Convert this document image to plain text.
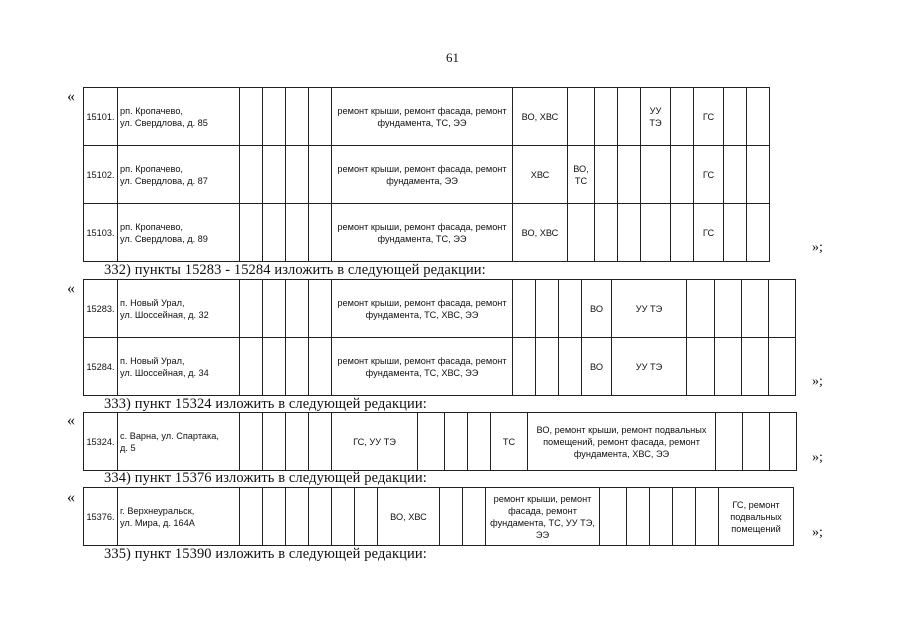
61
«
15101.	рп. Кропачево,
ул. Свердлова, д. 85					ремонт крыши, ремонт фасада, ремонт фундамента, ТС, ЭЭ	ВО, ХВС				УУ ТЭ		ГС		
15102.	рп. Кропачево,
ул. Свердлова, д. 87					ремонт крыши, ремонт фасада, ремонт фундамента, ЭЭ	ХВС	ВО, ТС					ГС		
15103.	рп. Кропачево,
ул. Свердлова, д. 89					ремонт крыши, ремонт фасада, ремонт фундамента, ТС, ЭЭ	ВО, ХВС						ГС		
»;
332) пункты 15283 - 15284 изложить в следующей редакции:
«
15283.	п. Новый Урал,
ул. Шоссейная, д. 32					ремонт крыши, ремонт фасада, ремонт фундамента, ТС, ХВС, ЭЭ				ВО	УУ ТЭ				
15284.	п. Новый Урал,
ул. Шоссейная, д. 34					ремонт крыши, ремонт фасада, ремонт фундамента, ТС, ХВС, ЭЭ				ВО	УУ ТЭ				
»;
333) пункт 15324 изложить в следующей редакции:
«
15324.	с. Варна, ул. Спартака,
д. 5					ГС, УУ ТЭ				ТС	ВО, ремонт крыши, ремонт подвальных помещений, ремонт фасада, ремонт фундамента, ХВС, ЭЭ				»;
334) пункт 15376 изложить в следующей редакции:
«
15376.	г. Верхнеуральск,
ул. Мира, д. 164А							ВО, ХВС			ремонт крыши, ремонт фасада, ремонт фундамента, ТС, УУ ТЭ, ЭЭ						ГС, ремонт подвальных помещений »;
335) пункт 15390 изложить в следующей редакции:
